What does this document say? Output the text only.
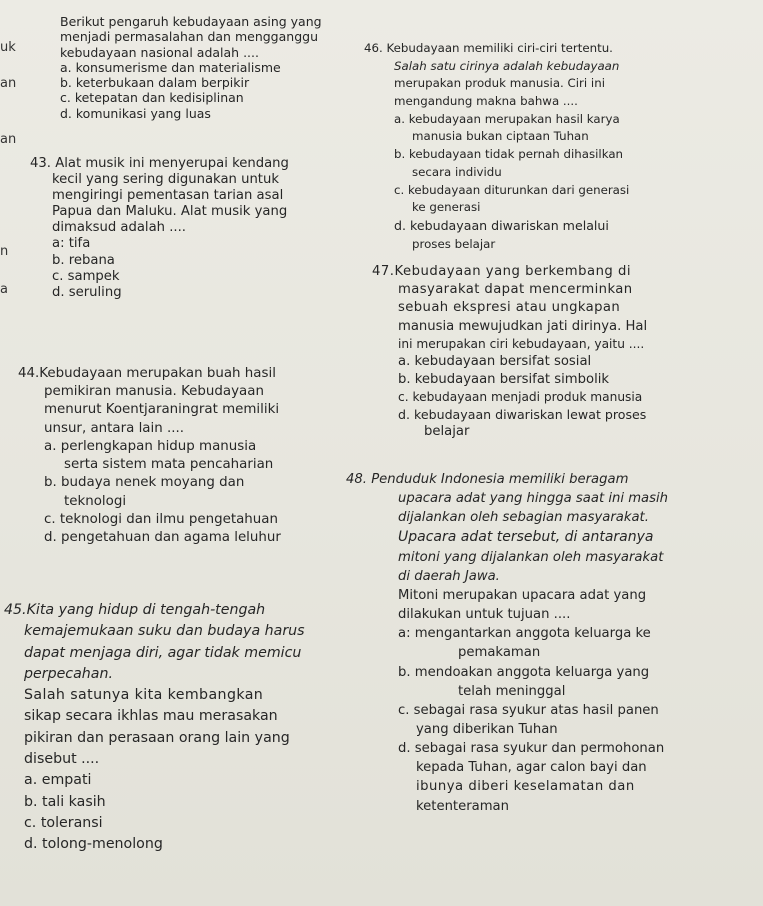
uk
an
an
n
a
Berikut pengaruh kebudayaan asing yang
menjadi permasalahan dan mengganggu
kebudayaan nasional adalah ....
a. konsumerisme dan materialisme
b. keterbukaan dalam berpikir
c. ketepatan dan kedisiplinan
d. komunikasi yang luas
43. Alat musik ini menyerupai kendang
kecil yang sering digunakan untuk
mengiringi pementasan tarian asal
Papua dan Maluku. Alat musik yang
dimaksud adalah ....
a: tifa
b. rebana
c. sampek
d. seruling
44.Kebudayaan merupakan buah hasil
pemikiran manusia. Kebudayaan
menurut Koentjaraningrat memiliki
unsur, antara lain ....
a. perlengkapan hidup manusia
serta sistem mata pencaharian
b. budaya nenek moyang dan
teknologi
c. teknologi dan ilmu pengetahuan
d. pengetahuan dan agama leluhur
45.Kita yang hidup di tengah-tengah
kemajemukaan suku dan budaya harus
dapat menjaga diri, agar tidak memicu
perpecahan.
Salah satunya kita kembangkan
sikap secara ikhlas mau merasakan
pikiran dan perasaan orang lain yang
disebut ....
a. empati
b. tali kasih
c. toleransi
d. tolong-menolong
46. Kebudayaan memiliki ciri-ciri tertentu.
Salah satu cirinya adalah kebudayaan
merupakan produk manusia. Ciri ini
mengandung makna bahwa ....
a. kebudayaan merupakan hasil karya
manusia bukan ciptaan Tuhan
b. kebudayaan tidak pernah dihasilkan
secara individu
c. kebudayaan diturunkan dari generasi
ke generasi
d. kebudayaan diwariskan melalui
proses belajar
47.Kebudayaan yang berkembang di
masyarakat dapat mencerminkan
sebuah ekspresi atau ungkapan
manusia mewujudkan jati dirinya. Hal
ini merupakan ciri kebudayaan, yaitu ....
a. kebudayaan bersifat sosial
b. kebudayaan bersifat simbolik
c. kebudayaan menjadi produk manusia
d. kebudayaan diwariskan lewat proses
belajar
48. Penduduk Indonesia memiliki beragam
upacara adat yang hingga saat ini masih
dijalankan oleh sebagian masyarakat.
Upacara adat tersebut, di antaranya
mitoni yang dijalankan oleh masyarakat
di daerah Jawa.
Mitoni merupakan upacara adat yang
dilakukan untuk tujuan ....
a: mengantarkan anggota keluarga ke
pemakaman
b. mendoakan anggota keluarga yang
telah meninggal
c. sebagai rasa syukur atas hasil panen
yang diberikan Tuhan
d. sebagai rasa syukur dan permohonan
kepada Tuhan, agar calon bayi dan
ibunya diberi keselamatan dan
ketenteraman
